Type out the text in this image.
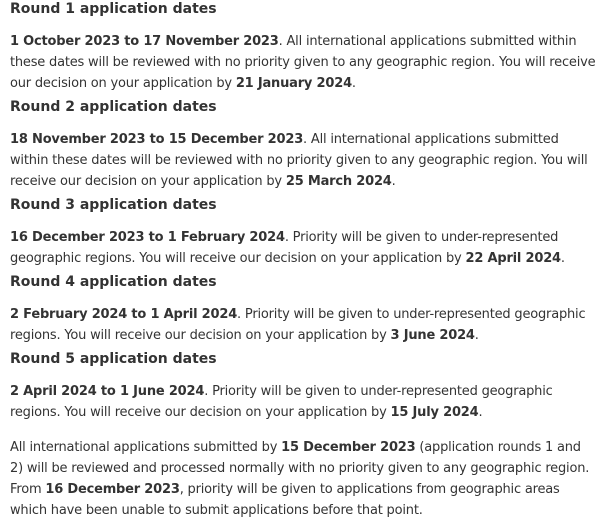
Round 1 application dates

1 October 2023 to 17 November 2023. All international applications submitted within these dates will be reviewed with no priority given to any geographic region. You will receive our decision on your application by 21 January 2024.

Round 2 application dates

18 November 2023 to 15 December 2023. All international applications submitted within these dates will be reviewed with no priority given to any geographic region. You will receive our decision on your application by 25 March 2024.

Round 3 application dates

16 December 2023 to 1 February 2024. Priority will be given to under-represented geographic regions. You will receive our decision on your application by 22 April 2024.

Round 4 application dates

2 February 2024 to 1 April 2024. Priority will be given to under-represented geographic regions. You will receive our decision on your application by 3 June 2024.

Round 5 application dates

2 April 2024 to 1 June 2024. Priority will be given to under-represented geographic regions. You will receive our decision on your application by 15 July 2024.

All international applications submitted by 15 December 2023 (application rounds 1 and 2) will be reviewed and processed normally with no priority given to any geographic region. From 16 December 2023, priority will be given to applications from geographic areas which have been unable to submit applications before that point.
